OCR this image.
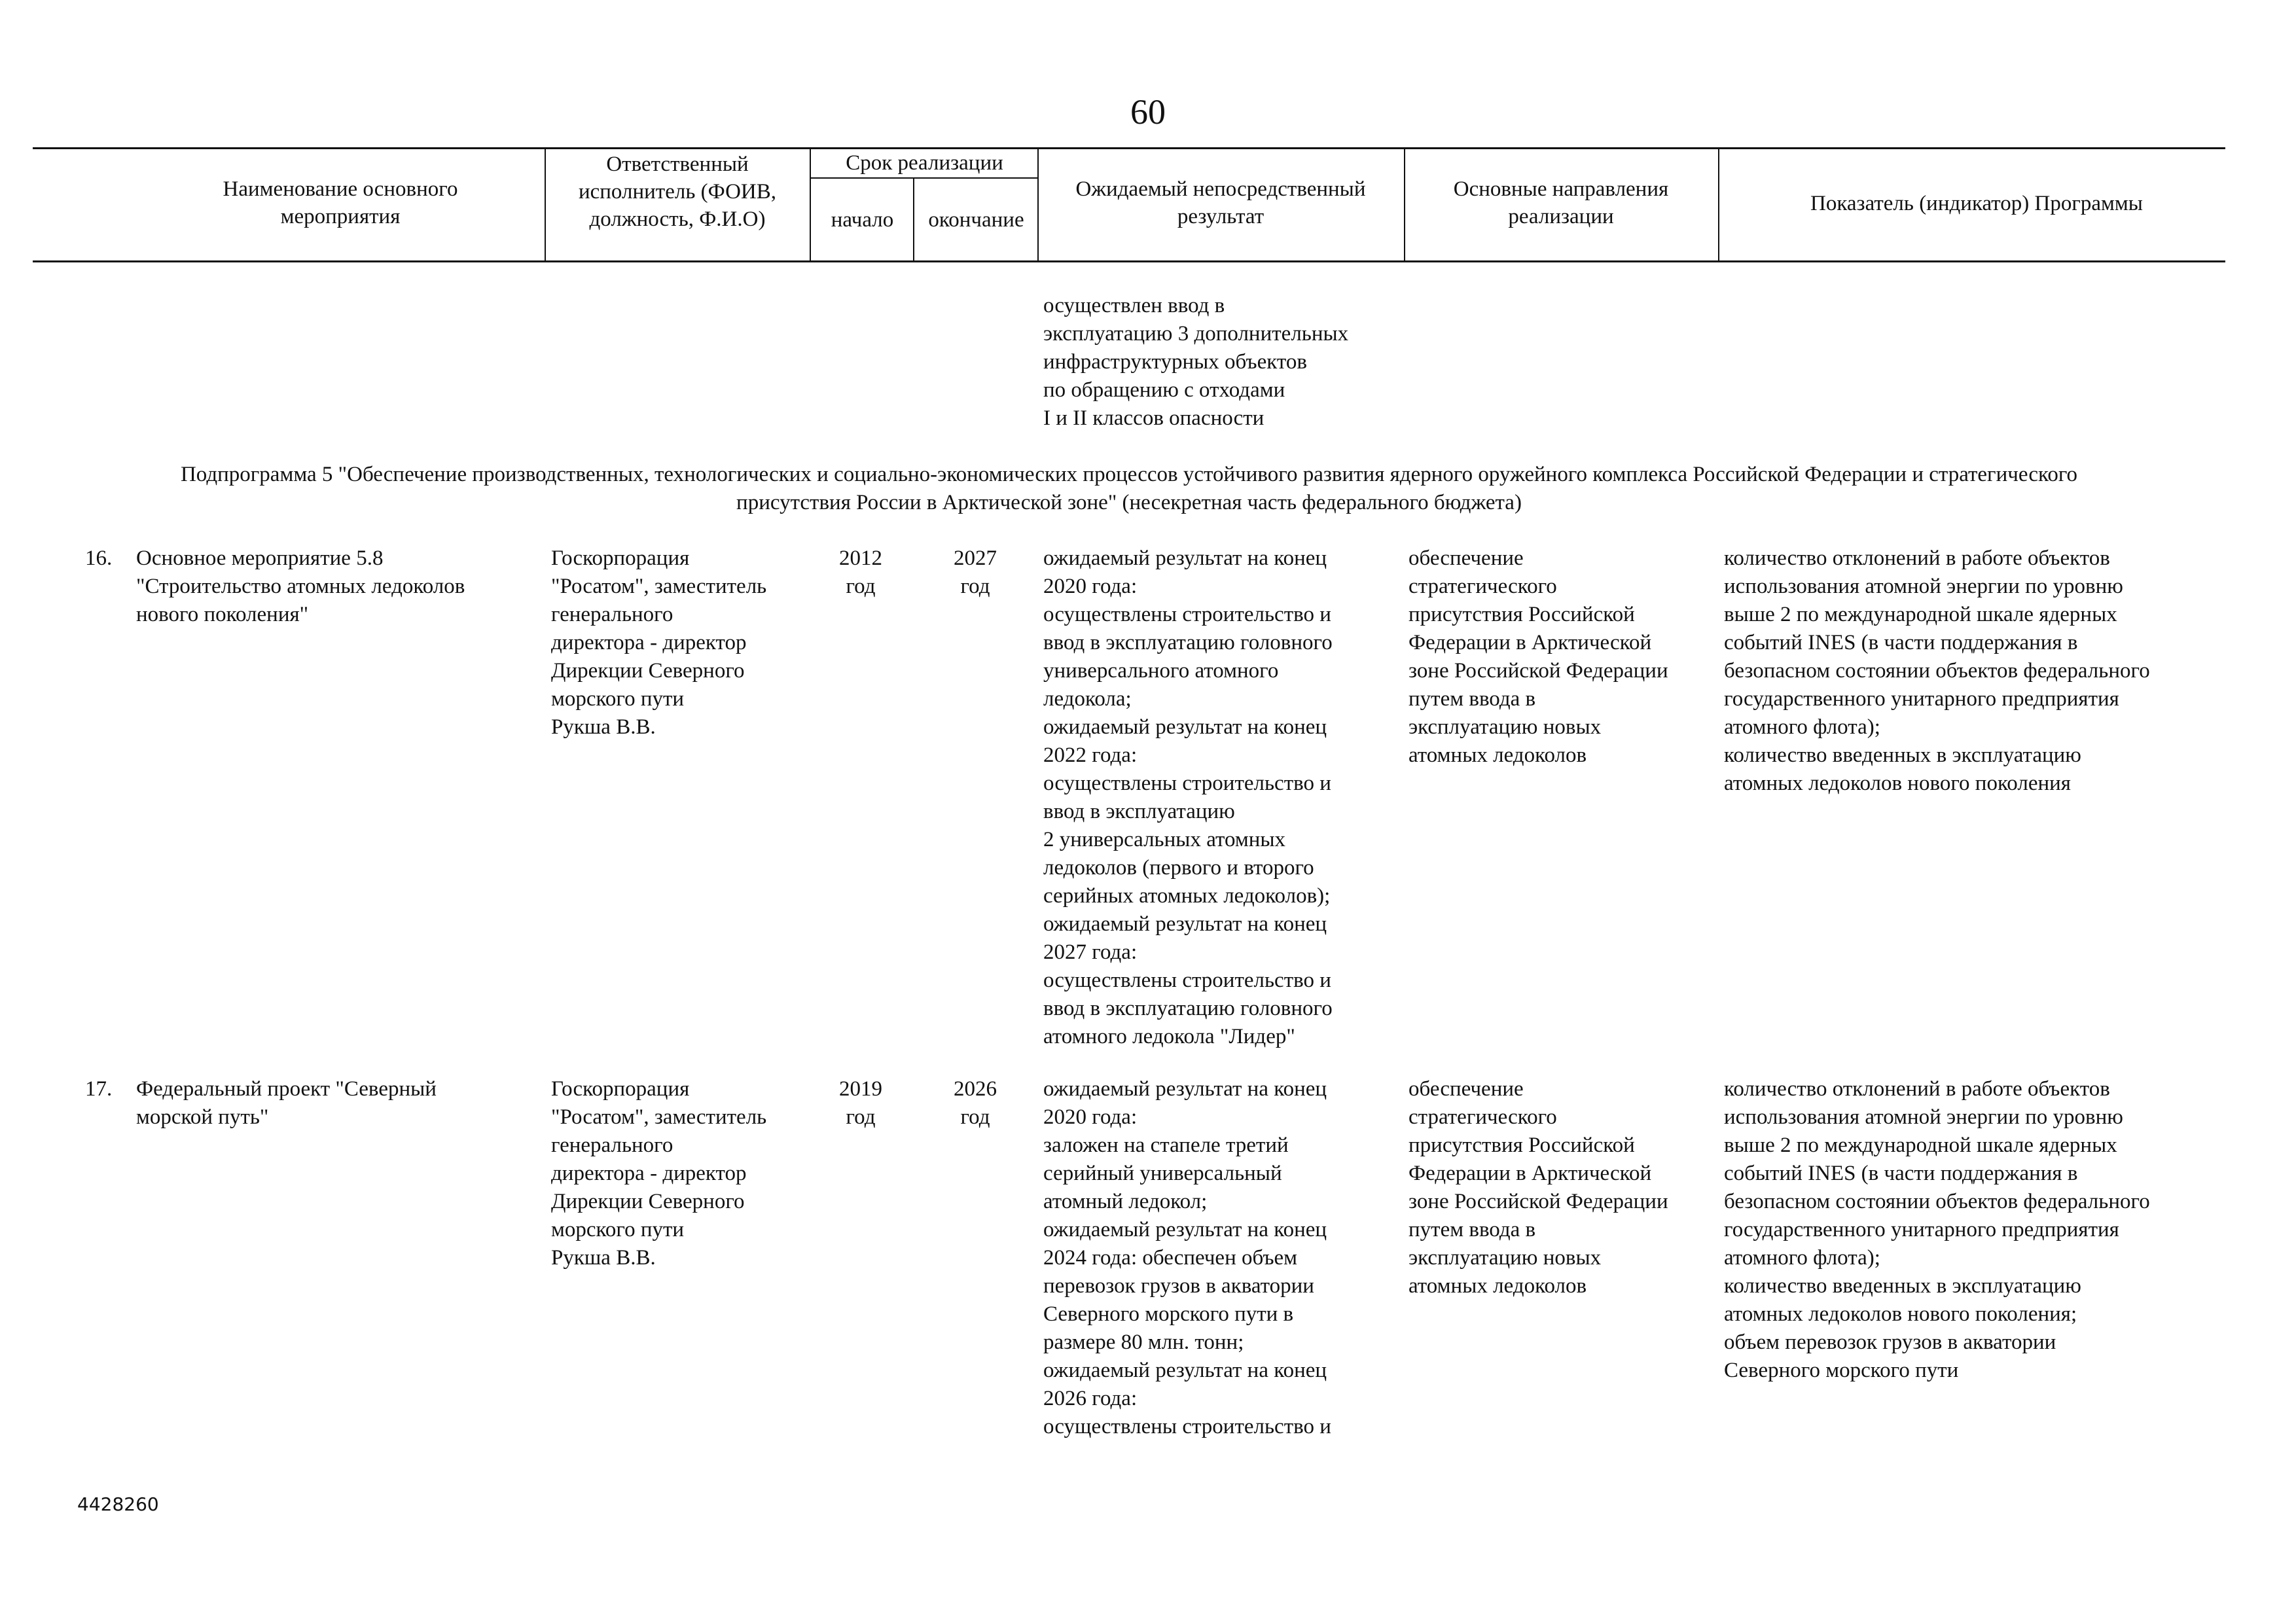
60
Наименование основного мероприятия
Ответственный исполнитель (ФОИВ, должность, Ф.И.О)
Срок реализации
начало	окончание
Ожидаемый непосредственный результат
Основные направления реализации
Показатель (индикатор) Программы
осуществлен ввод в
эксплуатацию 3 дополнительных
инфраструктурных объектов
по обращению с отходами
I и II классов опасности
Подпрограмма 5 "Обеспечение производственных, технологических и социально-экономических процессов устойчивого развития ядерного оружейного комплекса Российской Федерации и стратегического присутствия России в Арктической зоне" (несекретная часть федерального бюджета)
16. Основное мероприятие 5.8
"Строительство атомных ледоколов
нового поколения"
Госкорпорация
"Росатом", заместитель
генерального
директора - директор
Дирекции Северного
морского пути
Рукша В.В.
2012
год
2027
год
ожидаемый результат на конец
2020 года:
осуществлены строительство и
ввод в эксплуатацию головного
универсального атомного
ледокола;
ожидаемый результат на конец
2022 года:
осуществлены строительство и
ввод в эксплуатацию
2 универсальных атомных
ледоколов (первого и второго
серийных атомных ледоколов);
ожидаемый результат на конец
2027 года:
осуществлены строительство и
ввод в эксплуатацию головного
атомного ледокола "Лидер"
обеспечение
стратегического
присутствия Российской
Федерации в Арктической
зоне Российской Федерации
путем ввода в
эксплуатацию новых
атомных ледоколов
количество отклонений в работе объектов
использования атомной энергии по уровню
выше 2 по международной шкале ядерных
событий INES (в части поддержания в
безопасном состоянии объектов федерального
государственного унитарного предприятия
атомного флота);
количество введенных в эксплуатацию
атомных ледоколов нового поколения
17. Федеральный проект "Северный
морской путь"
Госкорпорация
"Росатом", заместитель
генерального
директора - директор
Дирекции Северного
морского пути
Рукша В.В.
2019
год
2026
год
ожидаемый результат на конец
2020 года:
заложен на стапеле третий
серийный универсальный
атомный ледокол;
ожидаемый результат на конец
2024 года: обеспечен объем
перевозок грузов в акватории
Северного морского пути в
размере 80 млн. тонн;
ожидаемый результат на конец
2026 года:
осуществлены строительство и
обеспечение
стратегического
присутствия Российской
Федерации в Арктической
зоне Российской Федерации
путем ввода в
эксплуатацию новых
атомных ледоколов
количество отклонений в работе объектов
использования атомной энергии по уровню
выше 2 по международной шкале ядерных
событий INES (в части поддержания в
безопасном состоянии объектов федерального
государственного унитарного предприятия
атомного флота);
количество введенных в эксплуатацию
атомных ледоколов нового поколения;
объем перевозок грузов в акватории
Северного морского пути
4428260
